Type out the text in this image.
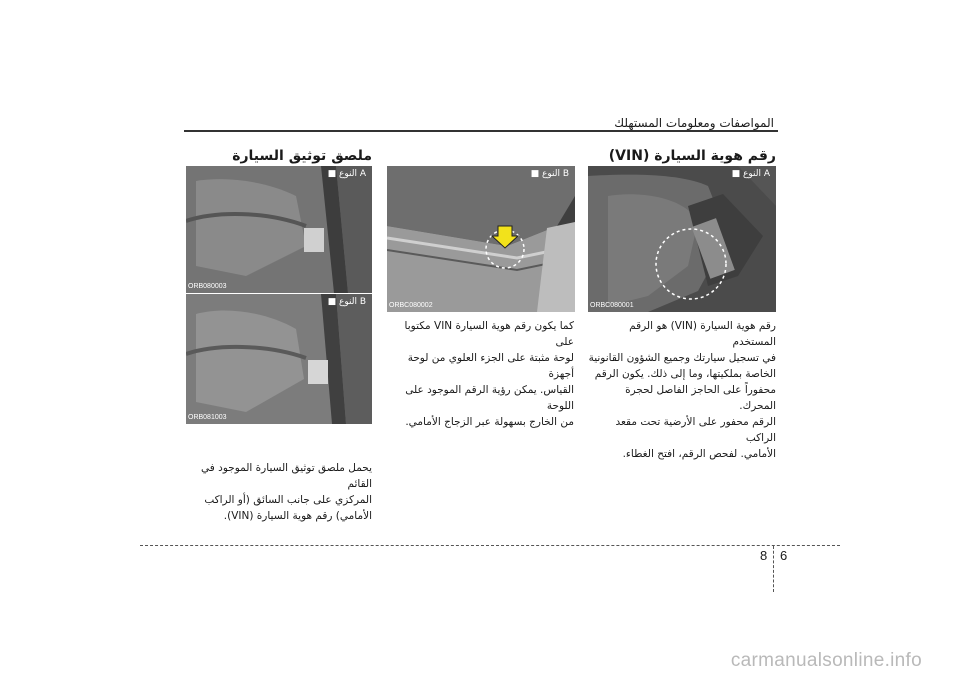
المواصفات ومعلومات المستهلك
رقم هوية السيارة (VIN)
ملصق توثيق السيارة
■ النوع A
ORBC080001
■ النوع B
ORBC080002
■ النوع A
ORB080003
■ النوع B
ORB081003
رقم هوية السيارة (VIN) هو الرقم المستخدم
في تسجيل سيارتك وجميع الشؤون القانونية
الخاصة بملكيتها، وما إلى ذلك. يكون الرقم
محفوراً على الحاجز الفاصل لحجرة المحرك.
الرقم محفور على الأرضية تحت مقعد الراكب
الأمامي. لفحص الرقم، افتح الغطاء.
كما يكون رقم هوية السيارة VIN مكتوبا على
لوحة مثبتة على الجزء العلوي من لوحة أجهزة
القياس. يمكن رؤية الرقم الموجود على اللوحة
من الخارج بسهولة عبر الزجاج الأمامي.
يحمل ملصق توثيق السيارة الموجود في القائم
المركزي على جانب السائق (أو الراكب
الأمامي) رقم هوية السيارة (VIN).
8 6
carmanualsonline.info
